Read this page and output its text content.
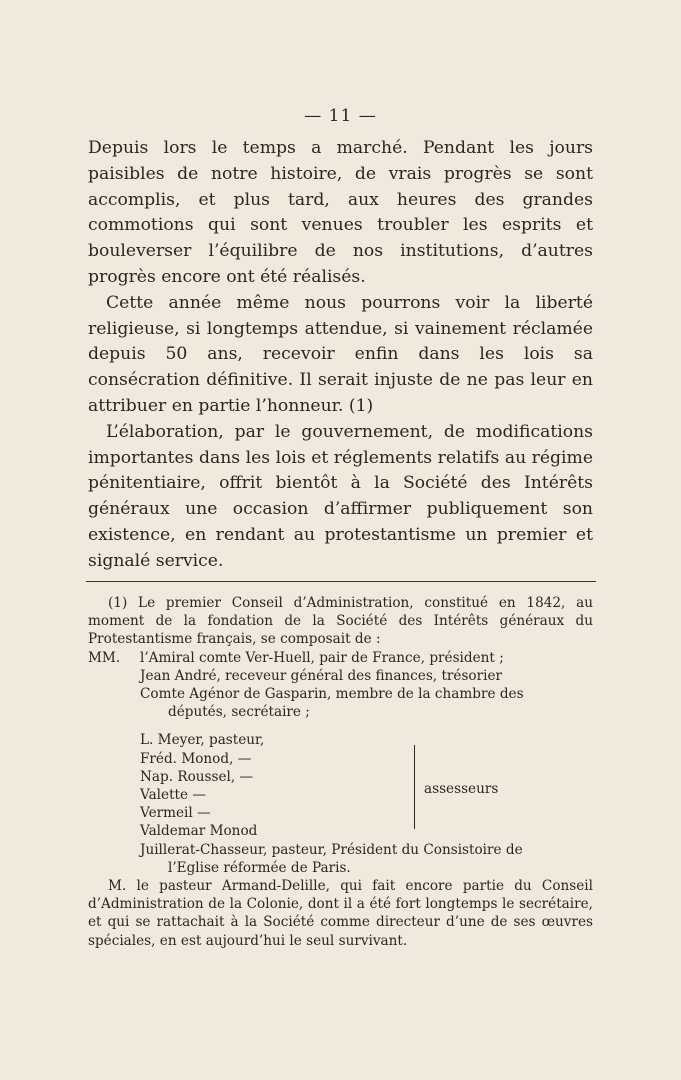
— 11 —

Depuis lors le temps a marché. Pendant les jours paisibles de notre histoire, de vrais progrès se sont accomplis, et plus tard, aux heures des grandes commotions qui sont venues troubler les esprits et bouleverser l’équilibre de nos institutions, d’autres progrès encore ont été réalisés.

Cette année même nous pourrons voir la liberté religieuse, si longtemps attendue, si vainement réclamée depuis 50 ans, recevoir enfin dans les lois sa consécration définitive. Il serait injuste de ne pas leur en attribuer en partie l’honneur. (1)

L’élaboration, par le gouvernement, de modifications importantes dans les lois et réglements relatifs au régime pénitentiaire, offrit bientôt à la Société des Intérêts généraux une occasion d’affirmer publiquement son existence, en rendant au protestantisme un premier et signalé service.

(1) Le premier Conseil d’Administration, constitué en 1842, au moment de la fondation de la Société des Intérêts généraux du Protestantisme français, se composait de :

MM. l’Amiral comte Ver-Huell, pair de France, président ;
Jean André, receveur général des finances, trésorier
Comte Agénor de Gasparin, membre de la chambre des
députés, secrétaire ;
L. Meyer, pasteur,
Fréd. Monod, —
Nap. Roussel, —
Valette —
Vermeil —
Valdemar Monod
assesseurs
Juillerat-Chasseur, pasteur, Président du Consistoire de
l’Eglise réformée de Paris.

M. le pasteur Armand-Delille, qui fait encore partie du Conseil d’Administration de la Colonie, dont il a été fort longtemps le secrétaire, et qui se rattachait à la Société comme directeur d’une de ses œuvres spéciales, en est aujourd’hui le seul survivant.
